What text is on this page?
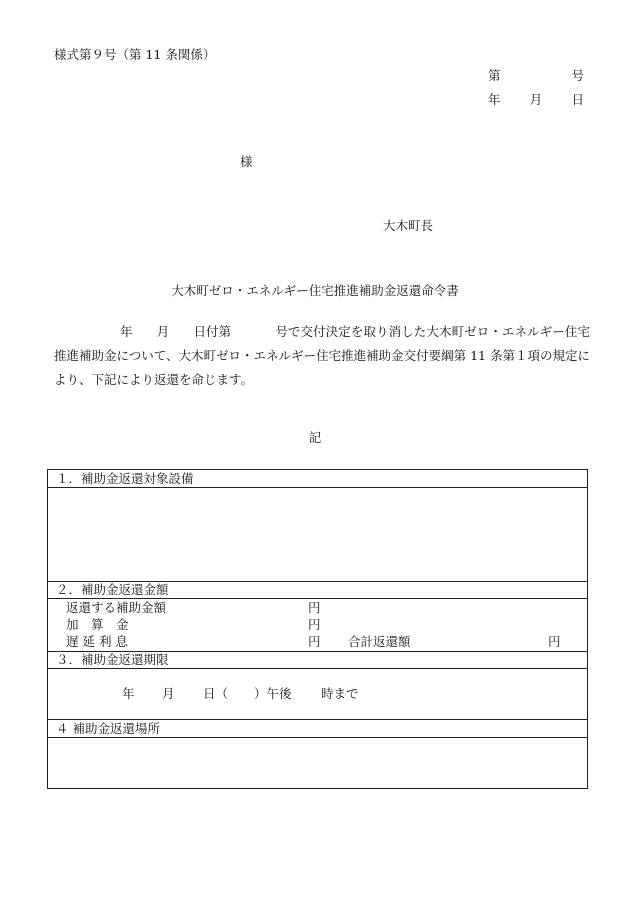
様式第９号（第 11 条関係）
第	号
年 月 日
様
大木町長
大木町ゼロ・エネルギー住宅推進補助金返還命令書
年 月 日付第	号で交付決定を取り消した大木町ゼロ・エネルギー住宅推進補助金について、大木町ゼロ・エネルギー住宅推進補助金交付要綱第 11 条第１項の規定により、下記により返還を命じます。
記
１．補助金返還対象設備
２．補助金返還金額
返還する補助金額	円
加　算　金	円
遅 延 利 息	円 合計返還額	円
３．補助金返還期限
年 月 日（ ）午後 時まで
４ 補助金返還場所
